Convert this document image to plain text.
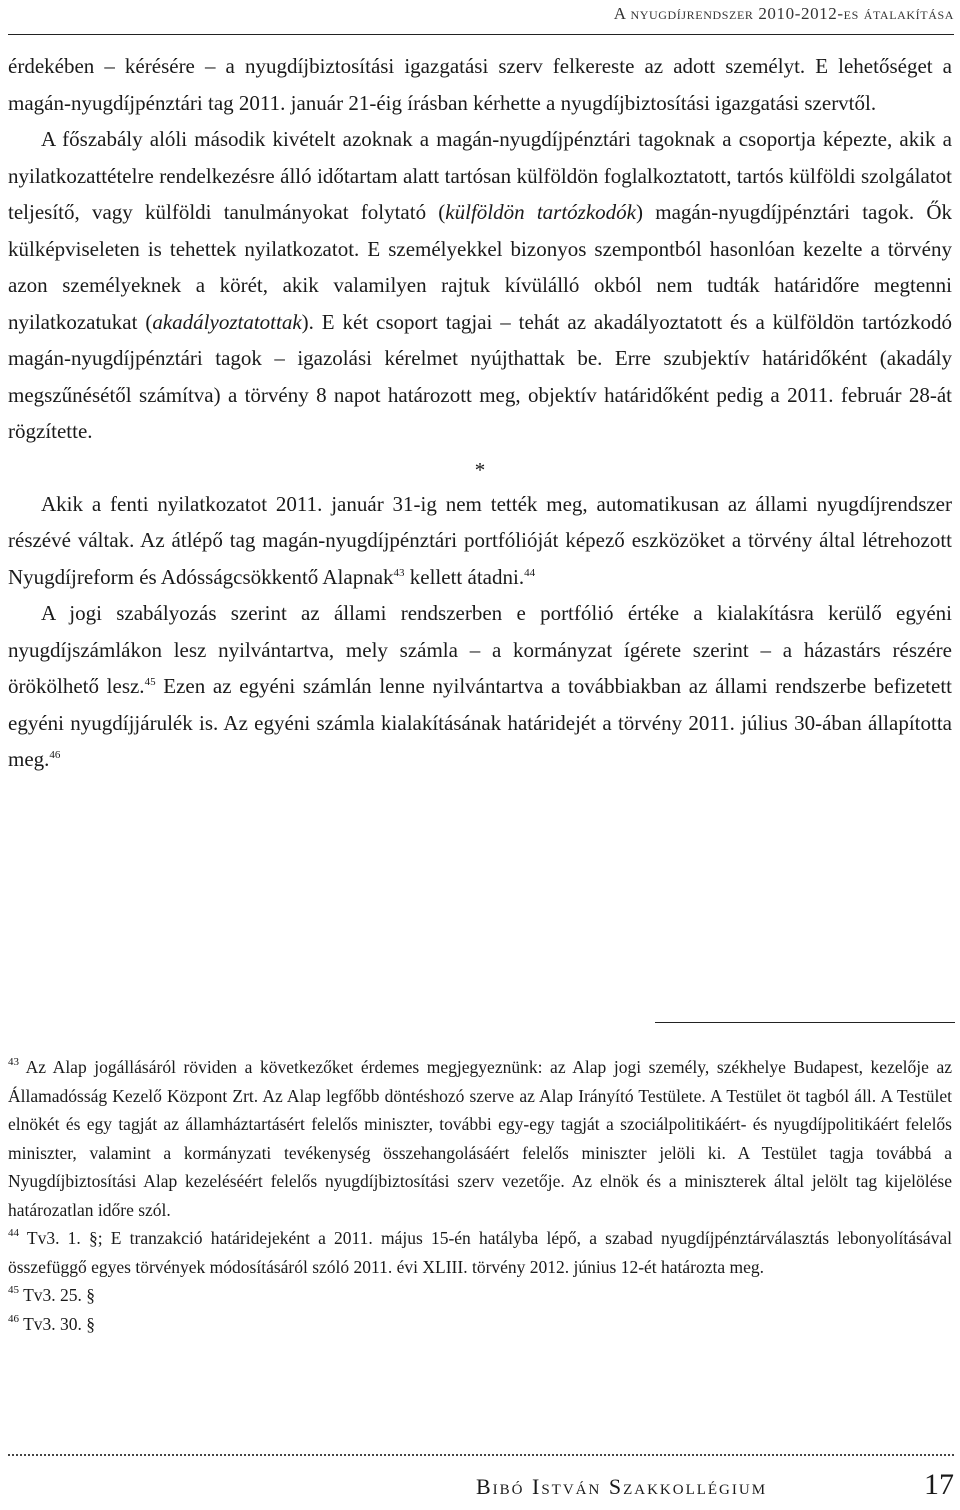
A nyugdíjrendszer 2010-2012-es átalakítása

érdekében – kérésére – a nyugdíjbiztosítási igazgatási szerv felkereste az adott személyt. E lehetőséget a magán-nyugdíjpénztári tag 2011. január 21-éig írásban kérhette a nyugdíjbiztosítási igazgatási szervtől.

A főszabály alóli második kivételt azoknak a magán-nyugdíjpénztári tagoknak a csoportja képezte, akik a nyilatkozattételre rendelkezésre álló időtartam alatt tartósan külföldön foglalkoztatott, tartós külföldi szolgálatot teljesítő, vagy külföldi tanulmányokat folytató (külföldön tartózkodók) magán-nyugdíjpénztári tagok. Ők külképviseleten is tehettek nyilatkozatot. E személyekkel bizonyos szempontból hasonlóan kezelte a törvény azon személyeknek a körét, akik valamilyen rajtuk kívülálló okból nem tudták határidőre megtenni nyilatkozatukat (akadályoztatottak). E két csoport tagjai – tehát az akadályoztatott és a külföldön tartózkodó magán-nyugdíjpénztári tagok – igazolási kérelmet nyújthattak be. Erre szubjektív határidőként (akadály megszűnésétől számítva) a törvény 8 napot határozott meg, objektív határidőként pedig a 2011. február 28-át rögzítette.

*

Akik a fenti nyilatkozatot 2011. január 31-ig nem tették meg, automatikusan az állami nyugdíjrendszer részévé váltak. Az átlépő tag magán-nyugdíjpénztári portfólióját képező eszközöket a törvény által létrehozott Nyugdíjreform és Adósságcsökkentő Alapnak$^{43}$ kellett átadni.$^{44}$

A jogi szabályozás szerint az állami rendszerben e portfólió értéke a kialakításra kerülő egyéni nyugdíjszámlákon lesz nyilvántartva, mely számla – a kormányzat ígérete szerint – a házastárs részére örökölhető lesz.$^{45}$ Ezen az egyéni számlán lenne nyilvántartva a továbbiakban az állami rendszerbe befizetett egyéni nyugdíjjárulék is. Az egyéni számla kialakításának határidejét a törvény 2011. július 30-ában állapította meg.$^{46}$

$^{43}$ Az Alap jogállásáról röviden a következőket érdemes megjegyeznünk: az Alap jogi személy, székhelye Budapest, kezelője az Államadósság Kezelő Központ Zrt. Az Alap legfőbb döntéshozó szerve az Alap Irányító Testülete. A Testület öt tagból áll. A Testület elnökét és egy tagját az államháztartásért felelős miniszter, további egy-egy tagját a szociálpolitikáért- és nyugdíjpolitikáért felelős miniszter, valamint a kormányzati tevékenység összehangolásáért felelős miniszter jelöli ki. A Testület tagja továbbá a Nyugdíjbiztosítási Alap kezeléséért felelős nyugdíjbiztosítási szerv vezetője. Az elnök és a miniszterek által jelölt tag kijelölése határozatlan időre szól.

$^{44}$ Tv3. 1. §; E tranzakció határidejeként a 2011. május 15-én hatályba lépő, a szabad nyugdíjpénztárválasztás lebonyolításával összefüggő egyes törvények módosításáról szóló 2011. évi XLIII. törvény 2012. június 12-ét határozta meg.

$^{45}$ Tv3. 25. §

$^{46}$ Tv3. 30. §

Bibó István Szakkollégium	17
